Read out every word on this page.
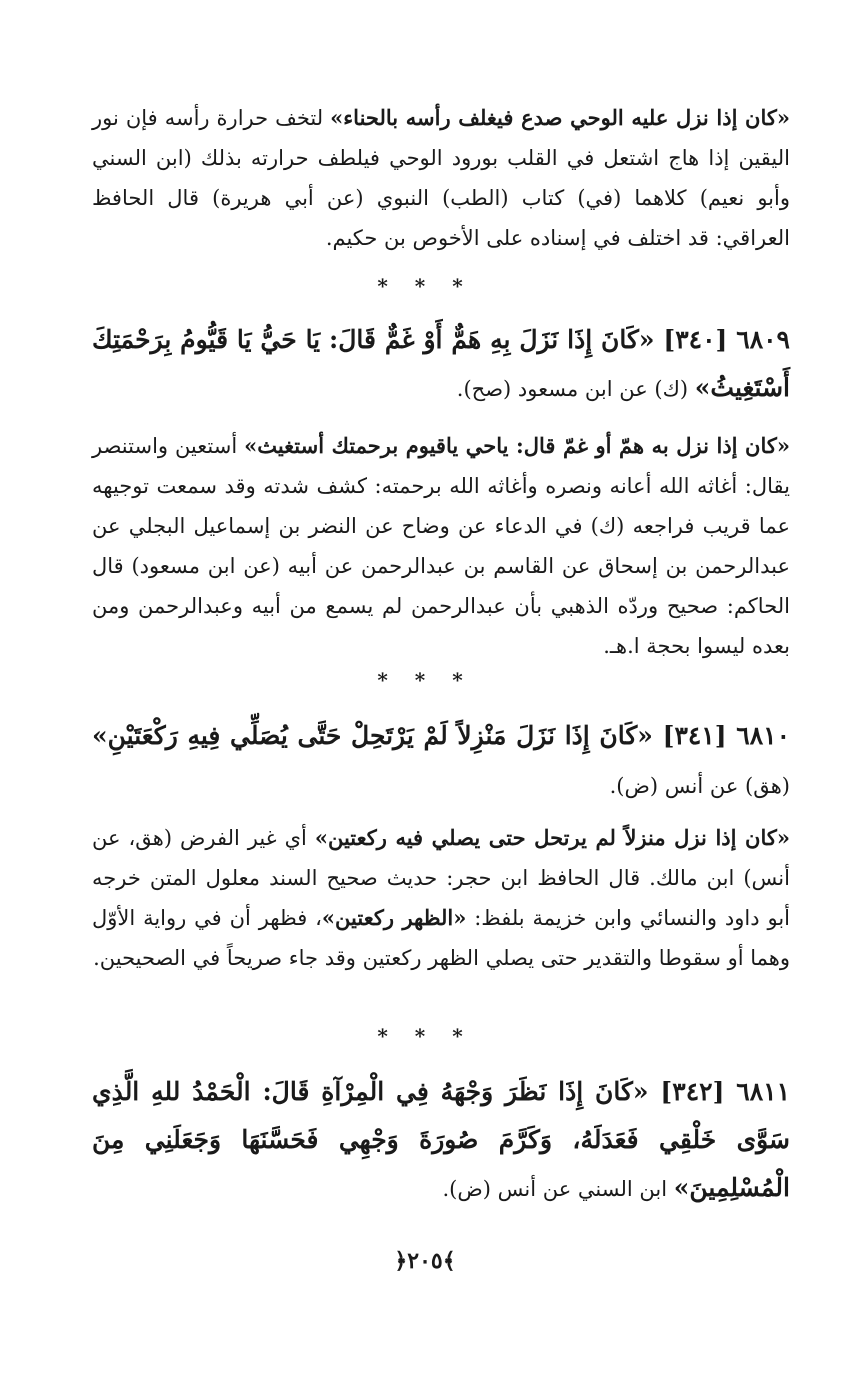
«كان إذا نزل عليه الوحي صدع فيغلف رأسه بالحناء» لتخف حرارة رأسه فإن نور اليقين إذا هاج اشتعل في القلب بورود الوحي فيلطف حرارته بذلك (ابن السني وأبو نعيم) كلاهما (في) كتاب (الطب) النبوي (عن أبي هريرة) قال الحافظ العراقي: قد اختلف في إسناده على الأخوص بن حكيم.

* * *

٦٨٠٩ [٣٤٠] «كَانَ إِذَا نَزَلَ بِهِ هَمٌّ أَوْ غَمٌّ قَالَ: يَا حَيُّ يَا قَيُّومُ بِرَحْمَتِكَ أَسْتَغِيثُ» (ك) عن ابن مسعود (صح).

«كان إذا نزل به همّ أو غمّ قال: ياحي ياقيوم برحمتك أستغيث» أستعين واستنصر يقال: أغاثه الله أعانه ونصره وأغاثه الله برحمته: كشف شدته وقد سمعت توجيهه عما قريب فراجعه (ك) في الدعاء عن وضاح عن النضر بن إسماعيل البجلي عن عبدالرحمن بن إسحاق عن القاسم بن عبدالرحمن عن أبيه (عن ابن مسعود) قال الحاكم: صحيح وردّه الذهبي بأن عبدالرحمن لم يسمع من أبيه وعبدالرحمن ومن بعده ليسوا بحجة ا.هـ.

* * *

٦٨١٠ [٣٤١] «كَانَ إِذَا نَزَلَ مَنْزِلاً لَمْ يَرْتَحِلْ حَتَّى يُصَلِّي فِيهِ رَكْعَتَيْنِ» (هق) عن أنس (ض).

«كان إذا نزل منزلاً لم يرتحل حتى يصلي فيه ركعتين» أي غير الفرض (هق، عن أنس) ابن مالك. قال الحافظ ابن حجر: حديث صحيح السند معلول المتن خرجه أبو داود والنسائي وابن خزيمة بلفظ: «الظهر ركعتين»، فظهر أن في رواية الأوّل وهما أو سقوطا والتقدير حتى يصلي الظهر ركعتين وقد جاء صريحاً في الصحيحين.

* * *

٦٨١١ [٣٤٢] «كَانَ إِذَا نَظَرَ وَجْهَهُ فِي الْمِرْآةِ قَالَ: الْحَمْدُ للهِ الَّذِي سَوَّى خَلْقِي فَعَدَلَهُ، وَكَرَّمَ صُورَةَ وَجْهِي فَحَسَّنَهَا وَجَعَلَنِي مِنَ الْمُسْلِمِينَ» ابن السني عن أنس (ض).

﴿٢٠٥﴾
